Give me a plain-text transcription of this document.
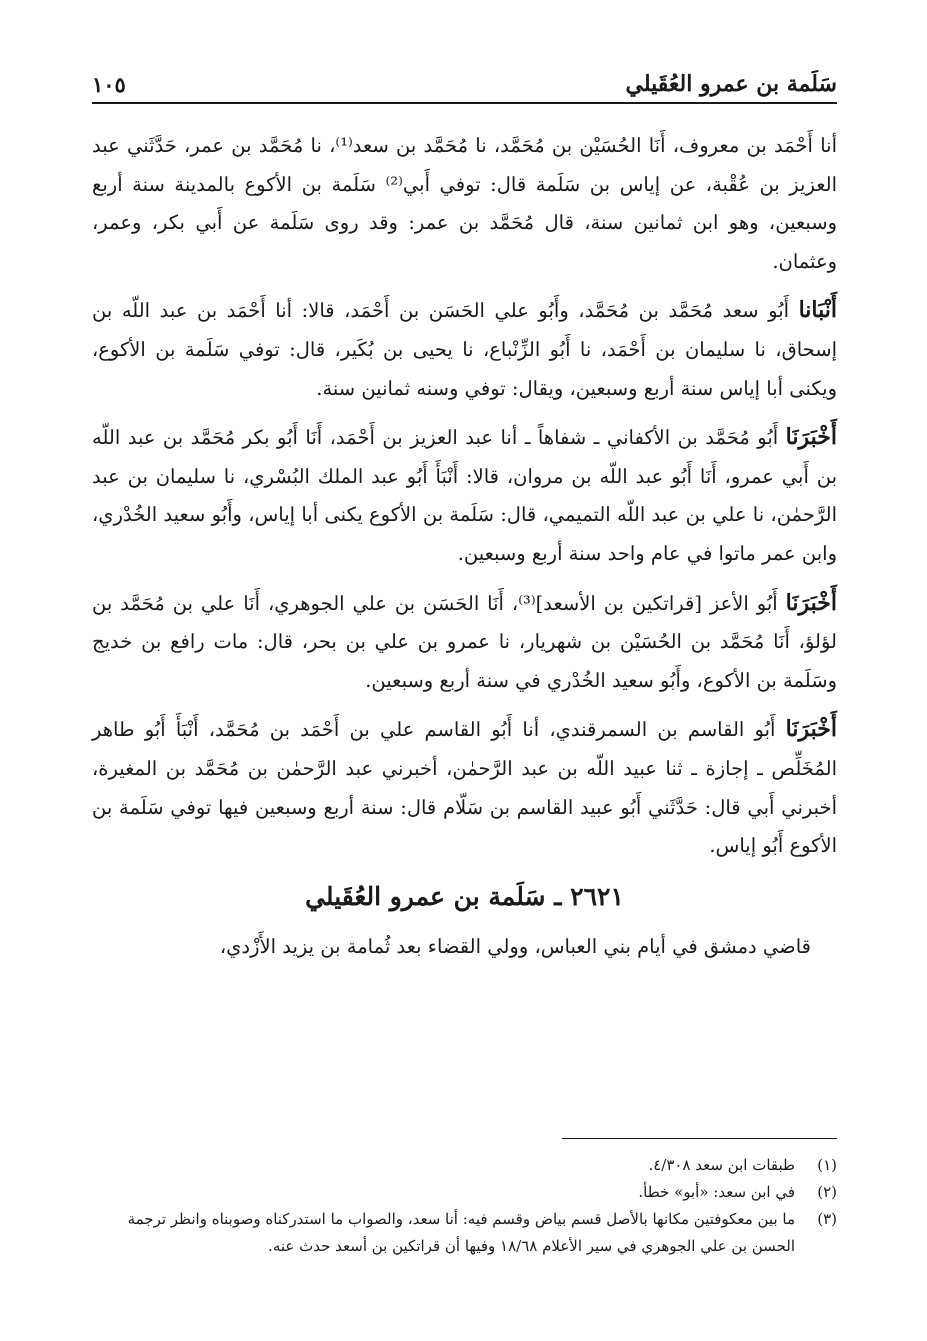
سَلَمة بن عمرو العُقَيلي
١٠٥

أنا أَحْمَد بن معروف، أَنَا الحُسَيْن بن مُحَمَّد، نا مُحَمَّد بن سعد⁽¹⁾، نا مُحَمَّد بن عمر، حَدَّثَني عبد العزيز بن عُقْبة، عن إياس بن سَلَمة قال: توفي أَبي⁽²⁾ سَلَمة بن الأكوع بالمدينة سنة أربع وسبعين، وهو ابن ثمانين سنة، قال مُحَمَّد بن عمر: وقد روى سَلَمة عن أَبي بكر، وعمر، وعثمان.

أَنْبَانا أَبُو سعد مُحَمَّد بن مُحَمَّد، وأَبُو علي الحَسَن بن أَحْمَد، قالا: أنا أَحْمَد بن عبد اللّه بن إسحاق، نا سليمان بن أَحْمَد، نا أَبُو الزِّنْباع، نا يحيى بن بُكَير، قال: توفي سَلَمة بن الأكوع، ويكنى أبا إياس سنة أربع وسبعين، ويقال: توفي وسنه ثمانين سنة.

أَخْبَرَنَا أَبُو مُحَمَّد بن الأكفاني ـ شفاهاً ـ أنا عبد العزيز بن أَحْمَد، أَنَا أَبُو بكر مُحَمَّد بن عبد اللّه بن أَبي عمرو، أَنَا أَبُو عبد اللّه بن مروان، قالا: أَنْبَأَ أَبُو عبد الملك البُسْري، نا سليمان بن عبد الرَّحمٰن، نا علي بن عبد اللّه التميمي، قال: سَلَمة بن الأكوع يكنى أبا إياس، وأَبُو سعيد الخُدْري، وابن عمر ماتوا في عام واحد سنة أربع وسبعين.

أَخْبَرَنَا أَبُو الأعز [قراتكين بن الأسعد]⁽³⁾، أَنَا الحَسَن بن علي الجوهري، أَنَا علي بن مُحَمَّد بن لؤلؤ، أَنَا مُحَمَّد بن الحُسَيْن بن شهريار، نا عمرو بن علي بن بحر، قال: مات رافع بن خديج وسَلَمة بن الأكوع، وأَبُو سعيد الخُدْري في سنة أربع وسبعين.

أَخْبَرَنَا أَبُو القاسم بن السمرقندي، أنا أَبُو القاسم علي بن أَحْمَد بن مُحَمَّد، أَنْبَأَ أَبُو طاهر المُخَلِّص ـ إجازة ـ ثنا عبيد اللّه بن عبد الرَّحمٰن، أخبرني عبد الرَّحمٰن بن مُحَمَّد بن المغيرة، أخبرني أَبي قال: حَدَّثَني أَبُو عبيد القاسم بن سَلّام قال: سنة أربع وسبعين فيها توفي سَلَمة بن الأكوع أَبُو إياس.

٢٦٢١ ـ سَلَمة بن عمرو العُقَيلي

قاضي دمشق في أيام بني العباس، وولي القضاء بعد ثُمامة بن يزيد الأَزْدي،

(١)
طبقات ابن سعد ٤/٣٠٨.
(٢)
في ابن سعد: «أبو» خطأ.
(٣)
ما بين معكوفتين مكانها بالأصل قسم بياض وقسم فيه: أنا سعد، والصواب ما استدركناه وصوبناه وانظر ترجمة الحسن بن علي الجوهري في سير الأعلام ١٨/٦٨ وفيها أن قراتكين بن أسعد حدث عنه.
